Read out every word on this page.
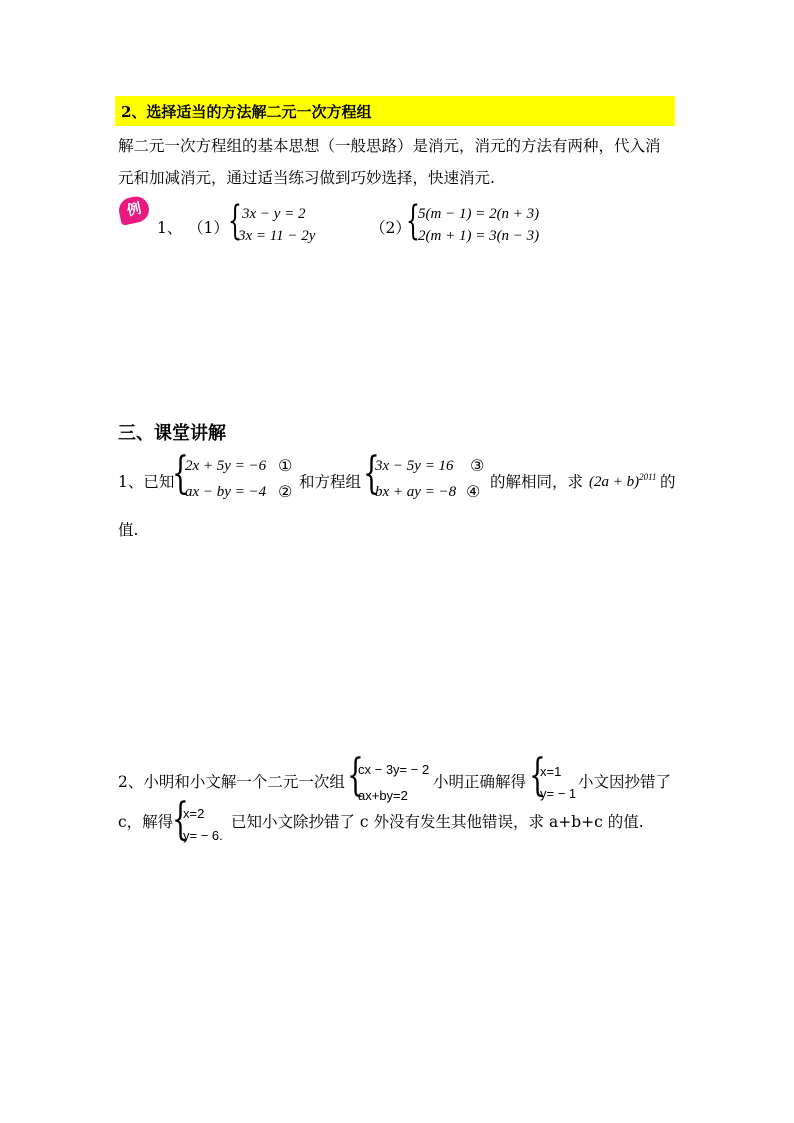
2、选择适当的方法解二元一次方程组
解二元一次方程组的基本思想（一般思路）是消元，消元的方法有两种，代入消
元和加减消元，通过适当练习做到巧妙选择，快速消元.
例
1、 （1） { 3x − y = 2
3x = 11 − 2y	（2）
{
5(m − 1) = 2(n + 3)
2(m + 1) = 3(n − 3)
三、课堂讲解
1、已知
{
2x + 5y = −6
ax − by = −4
①
② 和方程组 {
3x − 5y = 16
bx + ay = −8
③
④ 的解相同，求 $(2a + b)^{2011}$ 的
值.
2、小明和小文解一个二元一次组 {
cx − 3y= − 2
ax+by=2
小明正确解得 {
x=1
y= − 1
小文因抄错了
c，解得
{
x=2
y= − 6.
已知小文除抄错了 c 外没有发生其他错误，求 a+b+c 的值.
